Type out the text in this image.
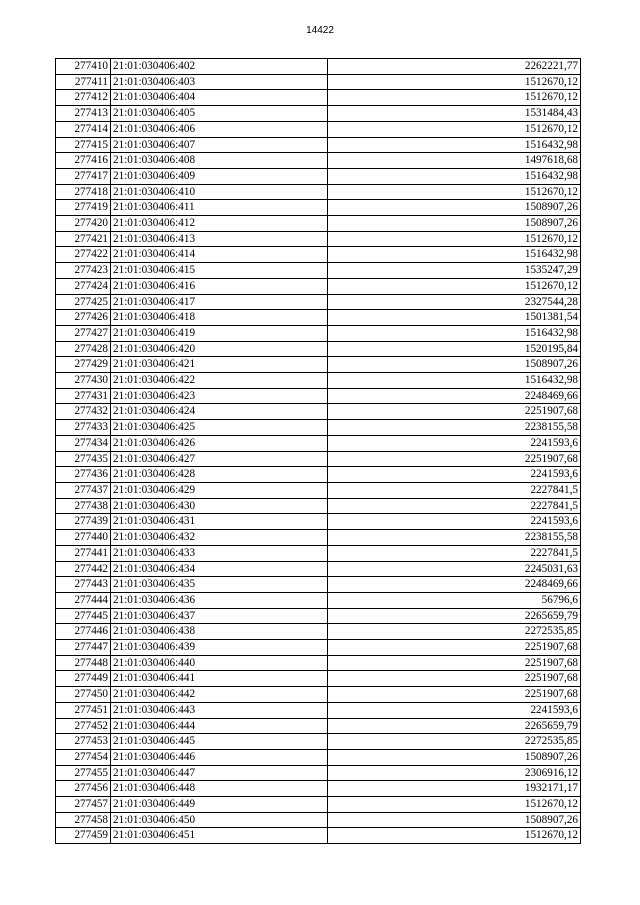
14422
277410	21:01:030406:402	2262221,77
277411	21:01:030406:403	1512670,12
277412	21:01:030406:404	1512670,12
277413	21:01:030406:405	1531484,43
277414	21:01:030406:406	1512670,12
277415	21:01:030406:407	1516432,98
277416	21:01:030406:408	1497618,68
277417	21:01:030406:409	1516432,98
277418	21:01:030406:410	1512670,12
277419	21:01:030406:411	1508907,26
277420	21:01:030406:412	1508907,26
277421	21:01:030406:413	1512670,12
277422	21:01:030406:414	1516432,98
277423	21:01:030406:415	1535247,29
277424	21:01:030406:416	1512670,12
277425	21:01:030406:417	2327544,28
277426	21:01:030406:418	1501381,54
277427	21:01:030406:419	1516432,98
277428	21:01:030406:420	1520195,84
277429	21:01:030406:421	1508907,26
277430	21:01:030406:422	1516432,98
277431	21:01:030406:423	2248469,66
277432	21:01:030406:424	2251907,68
277433	21:01:030406:425	2238155,58
277434	21:01:030406:426	2241593,6
277435	21:01:030406:427	2251907,68
277436	21:01:030406:428	2241593,6
277437	21:01:030406:429	2227841,5
277438	21:01:030406:430	2227841,5
277439	21:01:030406:431	2241593,6
277440	21:01:030406:432	2238155,58
277441	21:01:030406:433	2227841,5
277442	21:01:030406:434	2245031,63
277443	21:01:030406:435	2248469,66
277444	21:01:030406:436	56796,6
277445	21:01:030406:437	2265659,79
277446	21:01:030406:438	2272535,85
277447	21:01:030406:439	2251907,68
277448	21:01:030406:440	2251907,68
277449	21:01:030406:441	2251907,68
277450	21:01:030406:442	2251907,68
277451	21:01:030406:443	2241593,6
277452	21:01:030406:444	2265659,79
277453	21:01:030406:445	2272535,85
277454	21:01:030406:446	1508907,26
277455	21:01:030406:447	2306916,12
277456	21:01:030406:448	1932171,17
277457	21:01:030406:449	1512670,12
277458	21:01:030406:450	1508907,26
277459	21:01:030406:451	1512670,12
